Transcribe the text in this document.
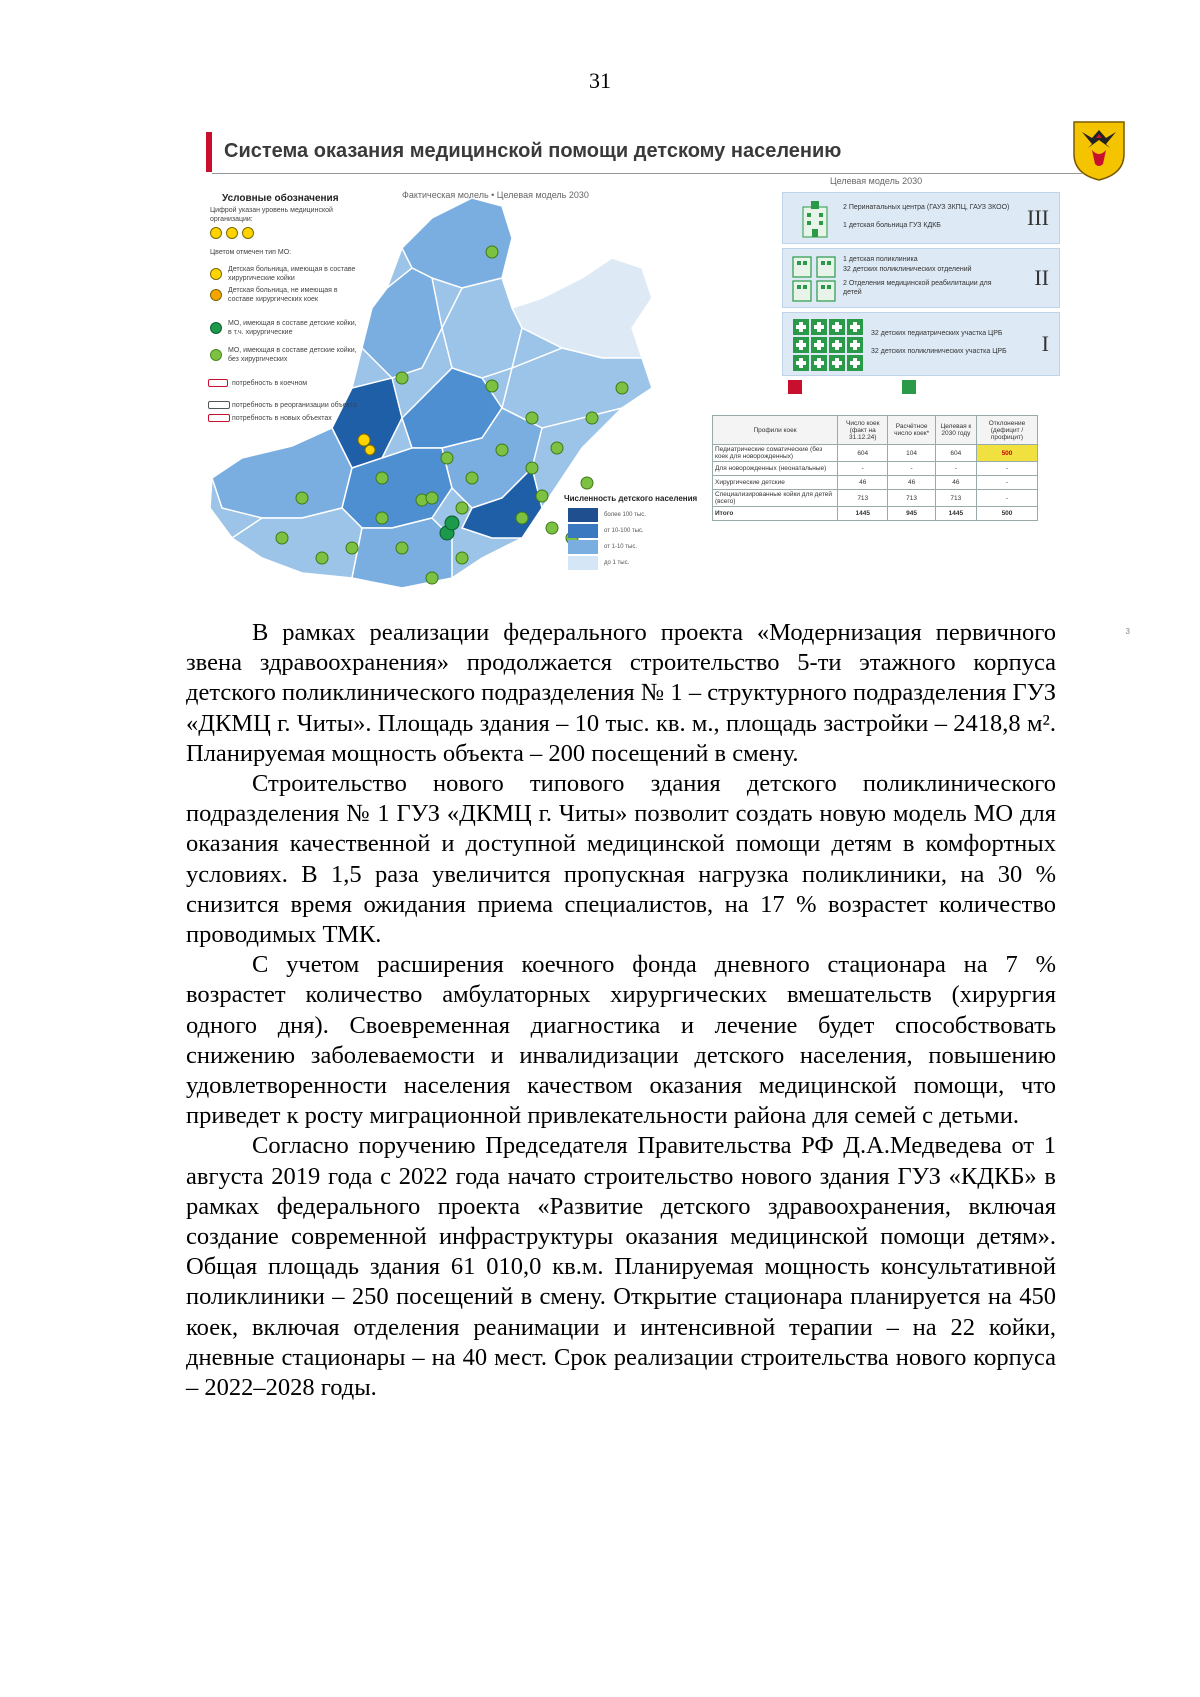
31
Система оказания медицинской помощи детскому населению
Условные обозначения	Фактическая модель • Целевая модель 2030
Целевая модель 2030
Цифрой указан уровень медицинской организации:
Цветом отмечен тип МО:
Детская больница, имеющая в составе хирургические койки
Детская больница, не имеющая в составе хирургических коек
МО, имеющая в составе детские койки, в т.ч. хирургические
МО, имеющая в составе детские койки, без хирургических
потребность в коечном
потребность в реорганизации объекта
потребность в новых объектах
2 Перинатальных центра (ГАУЗ ЗКПЦ, ГАУЗ ЗКОО)
1 детская больница ГУЗ КДКБ	III
1 детская поликлиника
32 детских поликлинических отделений
2 Отделения медицинской реабилитации для детей
II
32 детских педиатрических участка ЦРБ
32 детских поликлинических участка ЦРБ I
Профили коек	Число коек (факт на 31.12.24)	Расчётное число коек*	Целевая к 2030 году	Отклонение (дефицит / профицит)
Педиатрические соматические (без коек для новорожденных)	604	104	604	500
Для новорожденных (неонатальные)	-	-	-	-
Хирургические детские	46	46	46	-
Специализированные койки для детей (всего)	713	713	713	-
Итого	1445	945	1445	500
Численность детского населения
более 100 тыс.
от 10-100 тыс.
от 1-10 тыс.
до 1 тыс.
3

В рамках реализации федерального проекта «Модернизация первичного звена здравоохранения» продолжается строительство 5-ти этажного корпуса детского поликлинического подразделения № 1 – структурного подразделения ГУЗ «ДКМЦ г. Читы». Площадь здания – 10 тыс. кв. м., площадь застройки – 2418,8 м². Планируемая мощность объекта – 200 посещений в смену.

Строительство нового типового здания детского поликлинического подразделения № 1 ГУЗ «ДКМЦ г. Читы» позволит создать новую модель МО для оказания качественной и доступной медицинской помощи детям в комфортных условиях. В 1,5 раза увеличится пропускная нагрузка поликлиники, на 30 % снизится время ожидания приема специалистов, на 17 % возрастет количество проводимых ТМК.

С учетом расширения коечного фонда дневного стационара на 7 % возрастет количество амбулаторных хирургических вмешательств (хирургия одного дня). Своевременная диагностика и лечение будет способствовать снижению заболеваемости и инвалидизации детского населения, повышению удовлетворенности населения качеством оказания медицинской помощи, что приведет к росту миграционной привлекательности района для семей с детьми.

Согласно поручению Председателя Правительства РФ Д.А.Медведева от 1 августа 2019 года с 2022 года начато строительство нового здания ГУЗ «КДКБ» в рамках федерального проекта «Развитие детского здравоохранения, включая создание современной инфраструктуры оказания медицинской помощи детям». Общая площадь здания 61 010,0 кв.м. Планируемая мощность консультативной поликлиники – 250 посещений в смену. Открытие стационара планируется на 450 коек, включая отделения реанимации и интенсивной терапии – на 22 койки, дневные стационары – на 40 мест. Срок реализации строительства нового корпуса – 2022–2028 годы.
